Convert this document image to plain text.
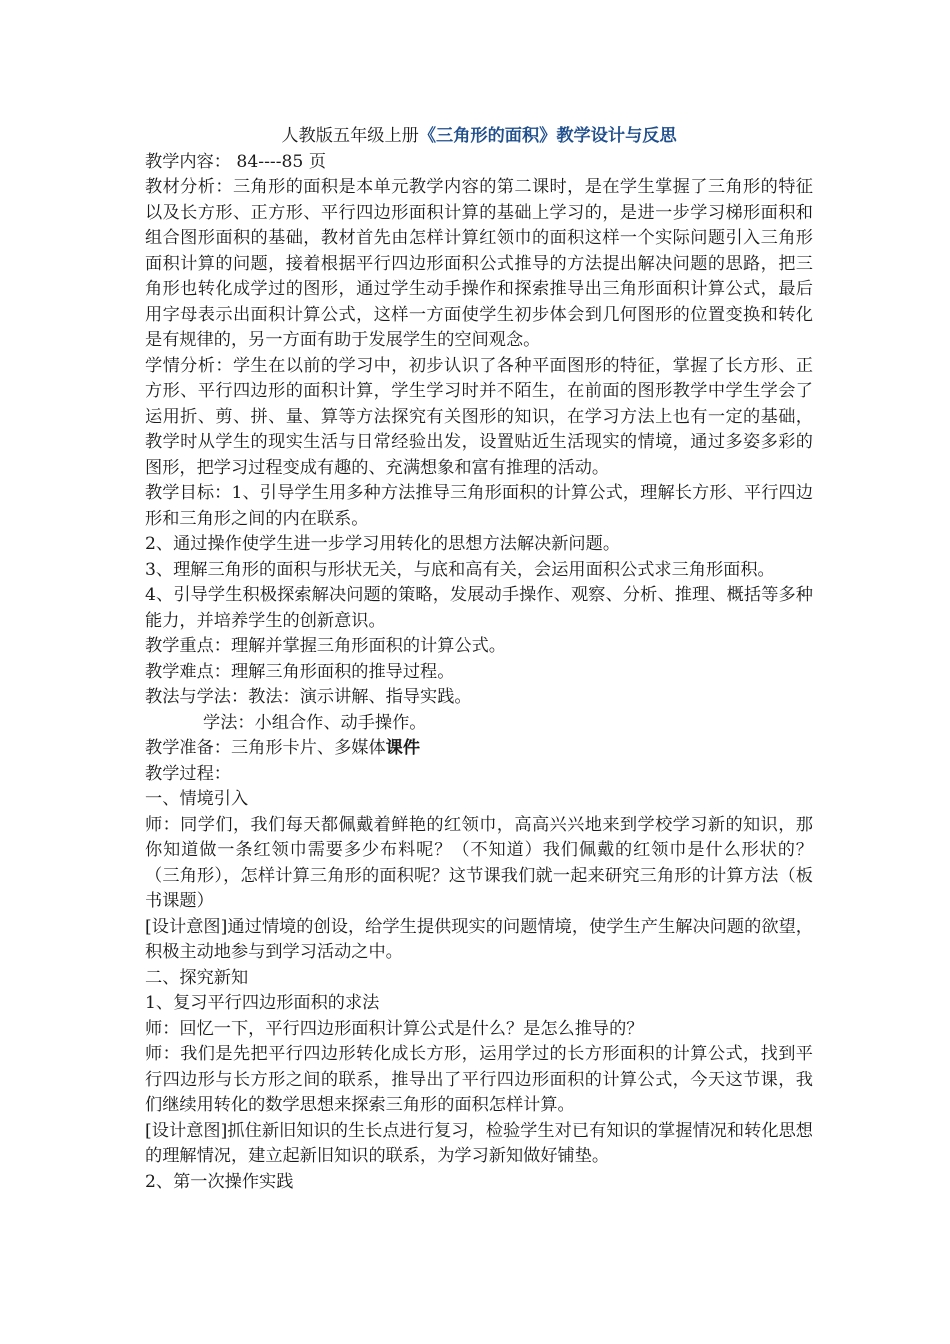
人教版五年级上册《三角形的面积》教学设计与反思

教学内容： 84----85 页

教材分析：三角形的面积是本单元教学内容的第二课时，是在学生掌握了三角形的特征以及长方形、正方形、平行四边形面积计算的基础上学习的，是进一步学习梯形面积和组合图形面积的基础，教材首先由怎样计算红领巾的面积这样一个实际问题引入三角形面积计算的问题，接着根据平行四边形面积公式推导的方法提出解决问题的思路，把三角形也转化成学过的图形，通过学生动手操作和探索推导出三角形面积计算公式，最后用字母表示出面积计算公式，这样一方面使学生初步体会到几何图形的位置变换和转化是有规律的，另一方面有助于发展学生的空间观念。

学情分析：学生在以前的学习中，初步认识了各种平面图形的特征，掌握了长方形、正方形、平行四边形的面积计算，学生学习时并不陌生，在前面的图形教学中学生学会了运用折、剪、拼、量、算等方法探究有关图形的知识，在学习方法上也有一定的基础，教学时从学生的现实生活与日常经验出发，设置贴近生活现实的情境，通过多姿多彩的图形，把学习过程变成有趣的、充满想象和富有推理的活动。

教学目标：1、引导学生用多种方法推导三角形面积的计算公式，理解长方形、平行四边形和三角形之间的内在联系。

2、通过操作使学生进一步学习用转化的思想方法解决新问题。

3、理解三角形的面积与形状无关，与底和高有关，会运用面积公式求三角形面积。

4、引导学生积极探索解决问题的策略，发展动手操作、观察、分析、推理、概括等多种能力，并培养学生的创新意识。

教学重点：理解并掌握三角形面积的计算公式。

教学难点：理解三角形面积的推导过程。

教法与学法：教法：演示讲解、指导实践。

学法：小组合作、动手操作。

教学准备：三角形卡片、多媒体课件

教学过程：

一、情境引入

师：同学们，我们每天都佩戴着鲜艳的红领巾，高高兴兴地来到学校学习新的知识，那你知道做一条红领巾需要多少布料呢？（不知道）我们佩戴的红领巾是什么形状的？（三角形），怎样计算三角形的面积呢？这节课我们就一起来研究三角形的计算方法（板书课题）

[设计意图]通过情境的创设，给学生提供现实的问题情境，使学生产生解决问题的欲望，积极主动地参与到学习活动之中。

二、探究新知

1、复习平行四边形面积的求法

师：回忆一下，平行四边形面积计算公式是什么？是怎么推导的？

师：我们是先把平行四边形转化成长方形，运用学过的长方形面积的计算公式，找到平行四边形与长方形之间的联系，推导出了平行四边形面积的计算公式，今天这节课，我们继续用转化的数学思想来探索三角形的面积怎样计算。

[设计意图]抓住新旧知识的生长点进行复习，检验学生对已有知识的掌握情况和转化思想的理解情况，建立起新旧知识的联系，为学习新知做好铺垫。

2、第一次操作实践
